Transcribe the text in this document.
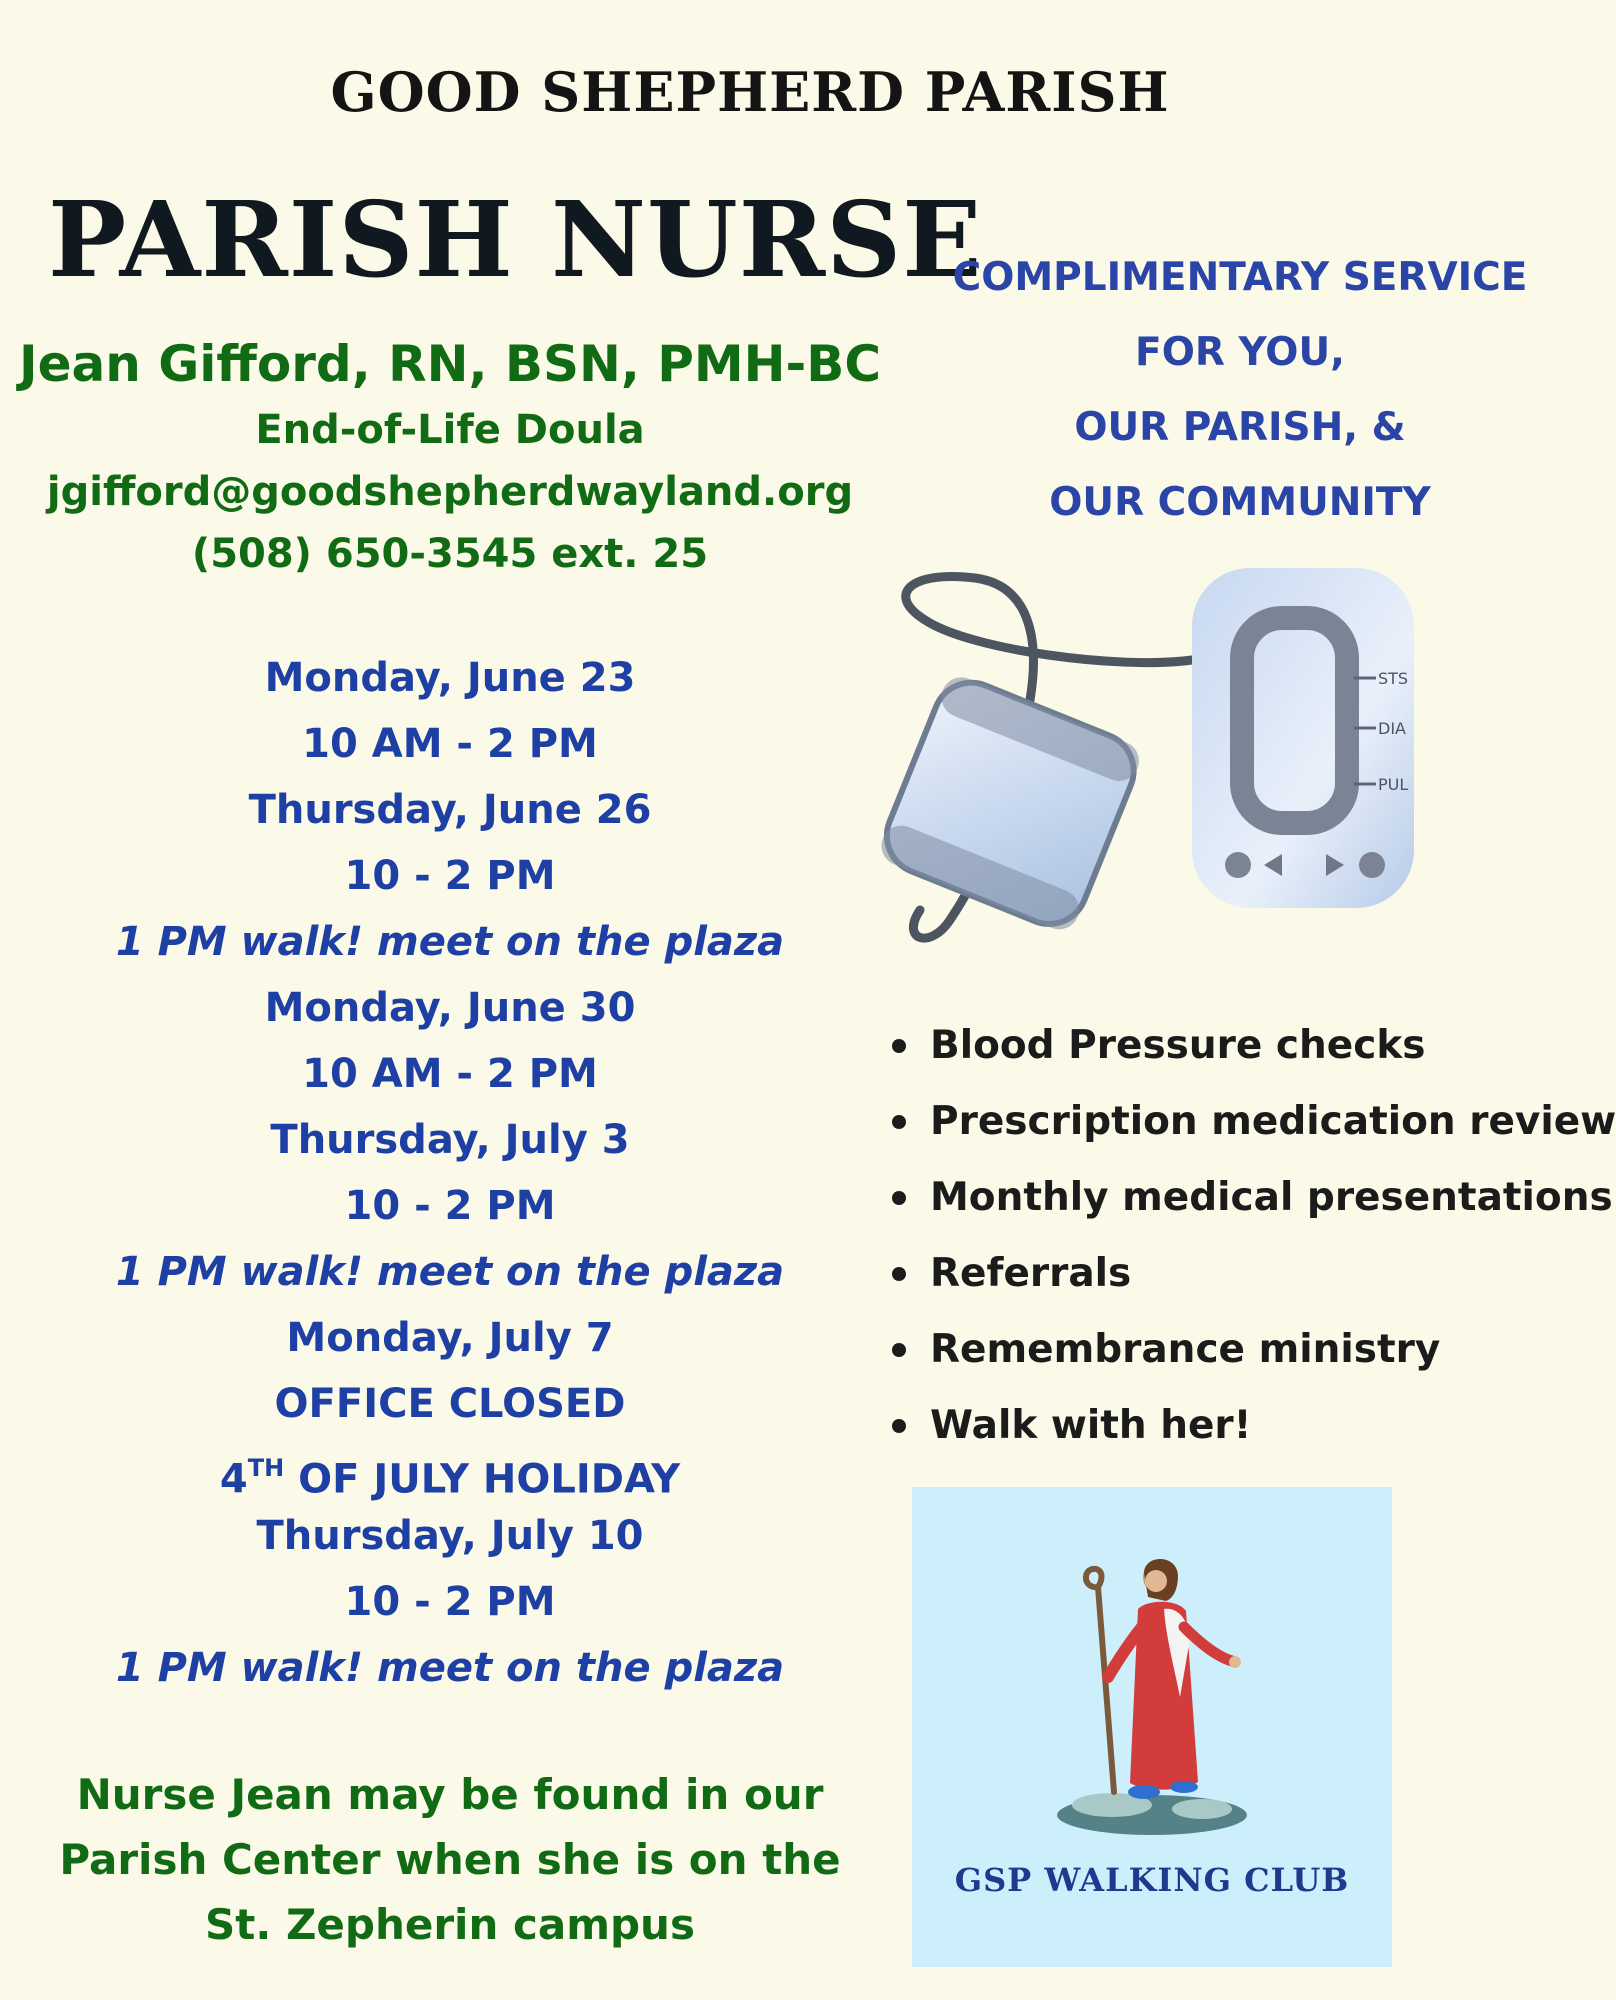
GOOD SHEPHERD PARISH
PARISH NURSE
Jean Gifford, RN, BSN, PMH-BC
End-of-Life Doula
jgifford@goodshepherdwayland.org
(508) 650-3545 ext. 25
Monday, June 23
10 AM - 2 PM
Thursday, June 26
10 - 2 PM
1 PM walk! meet on the plaza
Monday, June 30
10 AM - 2 PM
Thursday, July 3
10 - 2 PM
1 PM walk! meet on the plaza
Monday, July 7
OFFICE CLOSED
4TH OF JULY HOLIDAY
Thursday, July 10
10 - 2 PM
1 PM walk! meet on the plaza
Nurse Jean may be found in our
Parish Center when she is on the
St. Zepherin campus
COMPLIMENTARY SERVICE
FOR YOU,
OUR PARISH, &
OUR COMMUNITY
STS
DIA
PUL
Blood Pressure checks
Prescription medication review
Monthly medical presentations
Referrals
Remembrance ministry
Walk with her!
GSP WALKING CLUB
